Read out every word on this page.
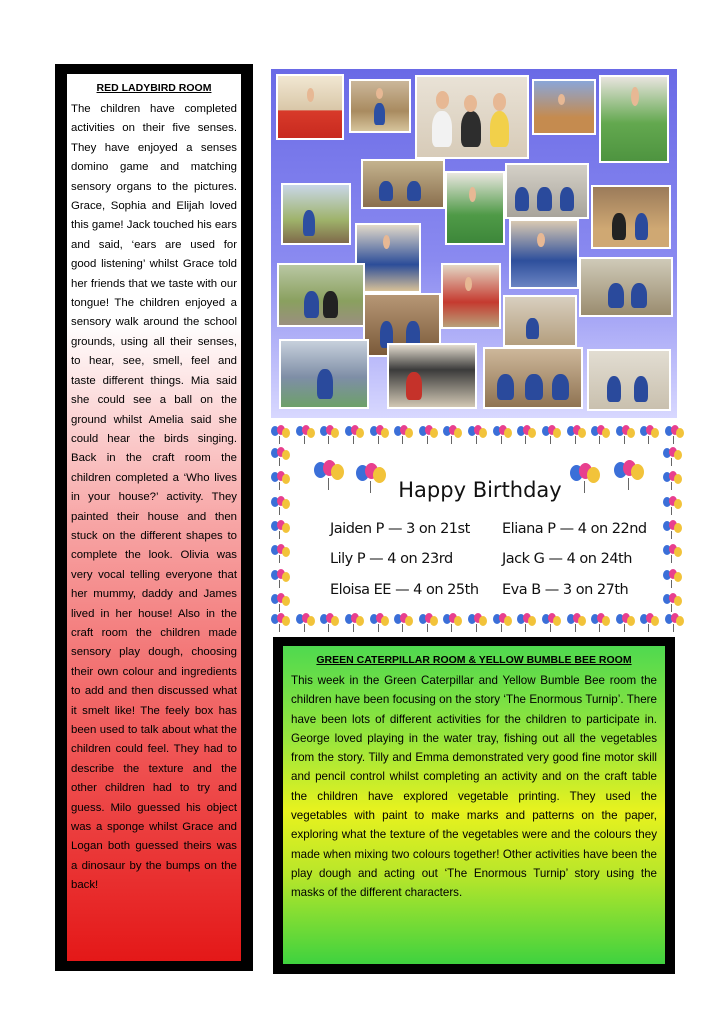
RED LADYBIRD ROOM
The children have completed activities on their five senses. They have enjoyed a senses domino game and matching sensory organs to the pictures. Grace, Sophia and Elijah loved this game! Jack touched his ears and said, ‘ears are used for good listening’ whilst Grace told her friends that we taste with our tongue! The children enjoyed a sensory walk around the school grounds, using all their senses, to hear, see, smell, feel and taste different things. Mia said she could see a ball on the ground whilst Amelia said she could hear the birds singing. Back in the craft room the children completed a ‘Who lives in your house?’ activity. They painted their house and then stuck on the different shapes to complete the look. Olivia was very vocal telling everyone that her mummy, daddy and James lived in her house! Also in the craft room the children made sensory play dough, choosing their own colour and ingredients to add and then discussed what it smelt like! The feely box has been used to talk about what the children could feel. They had to describe the texture and the other children had to try and guess. Milo guessed his object was a sponge whilst Grace and Logan both guessed theirs was a dinosaur by the bumps on the back!
Happy Birthday
Jaiden P — 3 on 21st Eliana P — 4 on 22nd
Lily P — 4 on 23rd	Jack G — 4 on 24th
Eloisa EE — 4 on 25th Eva B — 3 on 27th
GREEN CATERPILLAR ROOM & YELLOW BUMBLE BEE ROOM
This week in the Green Caterpillar and Yellow Bumble Bee room the children have been focusing on the story ‘The Enormous Turnip’. There have been lots of different activities for the children to participate in. George loved playing in the water tray, fishing out all the vegetables from the story. Tilly and Emma demonstrated very good fine motor skill and pencil control whilst completing an activity and on the craft table the children have explored vegetable printing. They used the vegetables with paint to make marks and patterns on the paper, exploring what the texture of the vegetables were and the colours they made when mixing two colours together! Other activities have been the play dough and acting out ‘The Enormous Turnip’ story using the masks of the different characters.
